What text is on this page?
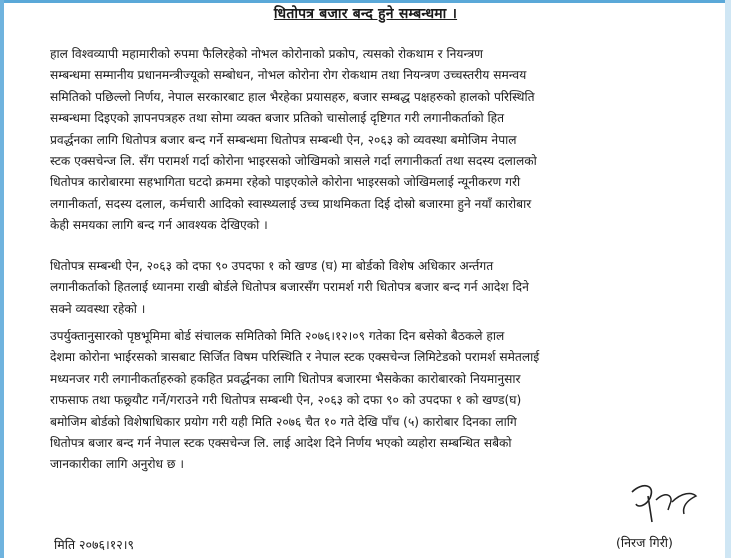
धितोपत्र बजार बन्द हुने सम्बन्धमा ।
हाल विश्वव्यापी महामारीको रुपमा फैलिरहेको नोभल कोरोनाको प्रकोप, त्यसको रोकथाम र नियन्त्रण
सम्बन्धमा सम्मानीय प्रधानमन्त्रीज्यूको सम्बोधन, नोभल कोरोना रोग रोकथाम तथा नियन्त्रण उच्चस्तरीय समन्वय
समितिको पछिल्लो निर्णय, नेपाल सरकारबाट हाल भैरहेका प्रयासहरु, बजार सम्बद्ध पक्षहरुको हालको परिस्थिति
सम्बन्धमा दिइएको ज्ञापनपत्रहरु तथा सोमा व्यक्त बजार प्रतिको चासोलाई दृष्टिगत गरी लगानीकर्ताको हित
प्रवर्द्धनका लागि धितोपत्र बजार बन्द गर्ने सम्बन्धमा धितोपत्र सम्बन्धी ऐन, २०६३ को व्यवस्था बमोजिम नेपाल
स्टक एक्सचेन्ज लि. सँग परामर्श गर्दा कोरोना भाइरसको जोखिमको त्रासले गर्दा लगानीकर्ता तथा सदस्य दलालको
धितोपत्र कारोबारमा सहभागिता घटदो क्रममा रहेको पाइएकोले कोरोना भाइरसको जोखिमलाई न्यूनीकरण गरी
लगानीकर्ता, सदस्य दलाल, कर्मचारी आदिको स्वास्थ्यलाई उच्च प्राथमिकता दिई दोस्रो बजारमा हुने नयाँ कारोबार
केही समयका लागि बन्द गर्न आवश्यक देखिएको ।
धितोपत्र सम्बन्धी ऐन, २०६३ को दफा ९० उपदफा १ को खण्ड (घ) मा बोर्डको विशेष अधिकार अर्न्तगत
लगानीकर्ताको हितलाई ध्यानमा राखी बोर्डले धितोपत्र बजारसँग परामर्श गरी धितोपत्र बजार बन्द गर्न आदेश दिने
सक्ने व्यवस्था रहेको ।
उपर्युक्तानुसारको पृष्ठभूमिमा बोर्ड संचालक समितिको मिति २०७६।१२।०९ गतेका दिन बसेको बैठकले हाल
देशमा कोरोना भाईरसको त्रासबाट सिर्जित विषम परिस्थिति र नेपाल स्टक एक्सचेन्ज लिमिटेडको परामर्श समेतलाई
मध्यनजर गरी लगानीकर्ताहरुको हकहित प्रवर्द्धनका लागि धितोपत्र बजारमा भैसकेका कारोबारको नियमानुसार
राफसाफ तथा फछ्र्यौट गर्ने/गराउने गरी धितोपत्र सम्बन्धी ऐन, २०६३ को दफा ९० को उपदफा १ को खण्ड(घ)
बमोजिम बोर्डको विशेषाधिकार प्रयोग गरी यही मिति २०७६ चैत १० गते देखि पाँच (५) कारोबार दिनका लागि
धितोपत्र बजार बन्द गर्न नेपाल स्टक एक्सचेन्ज लि. लाई आदेश दिने निर्णय भएको व्यहोरा सम्बन्धित सबैको
जानकारीका लागि अनुरोध छ ।
(निरज गिरी)
मिति २०७६।१२।९
